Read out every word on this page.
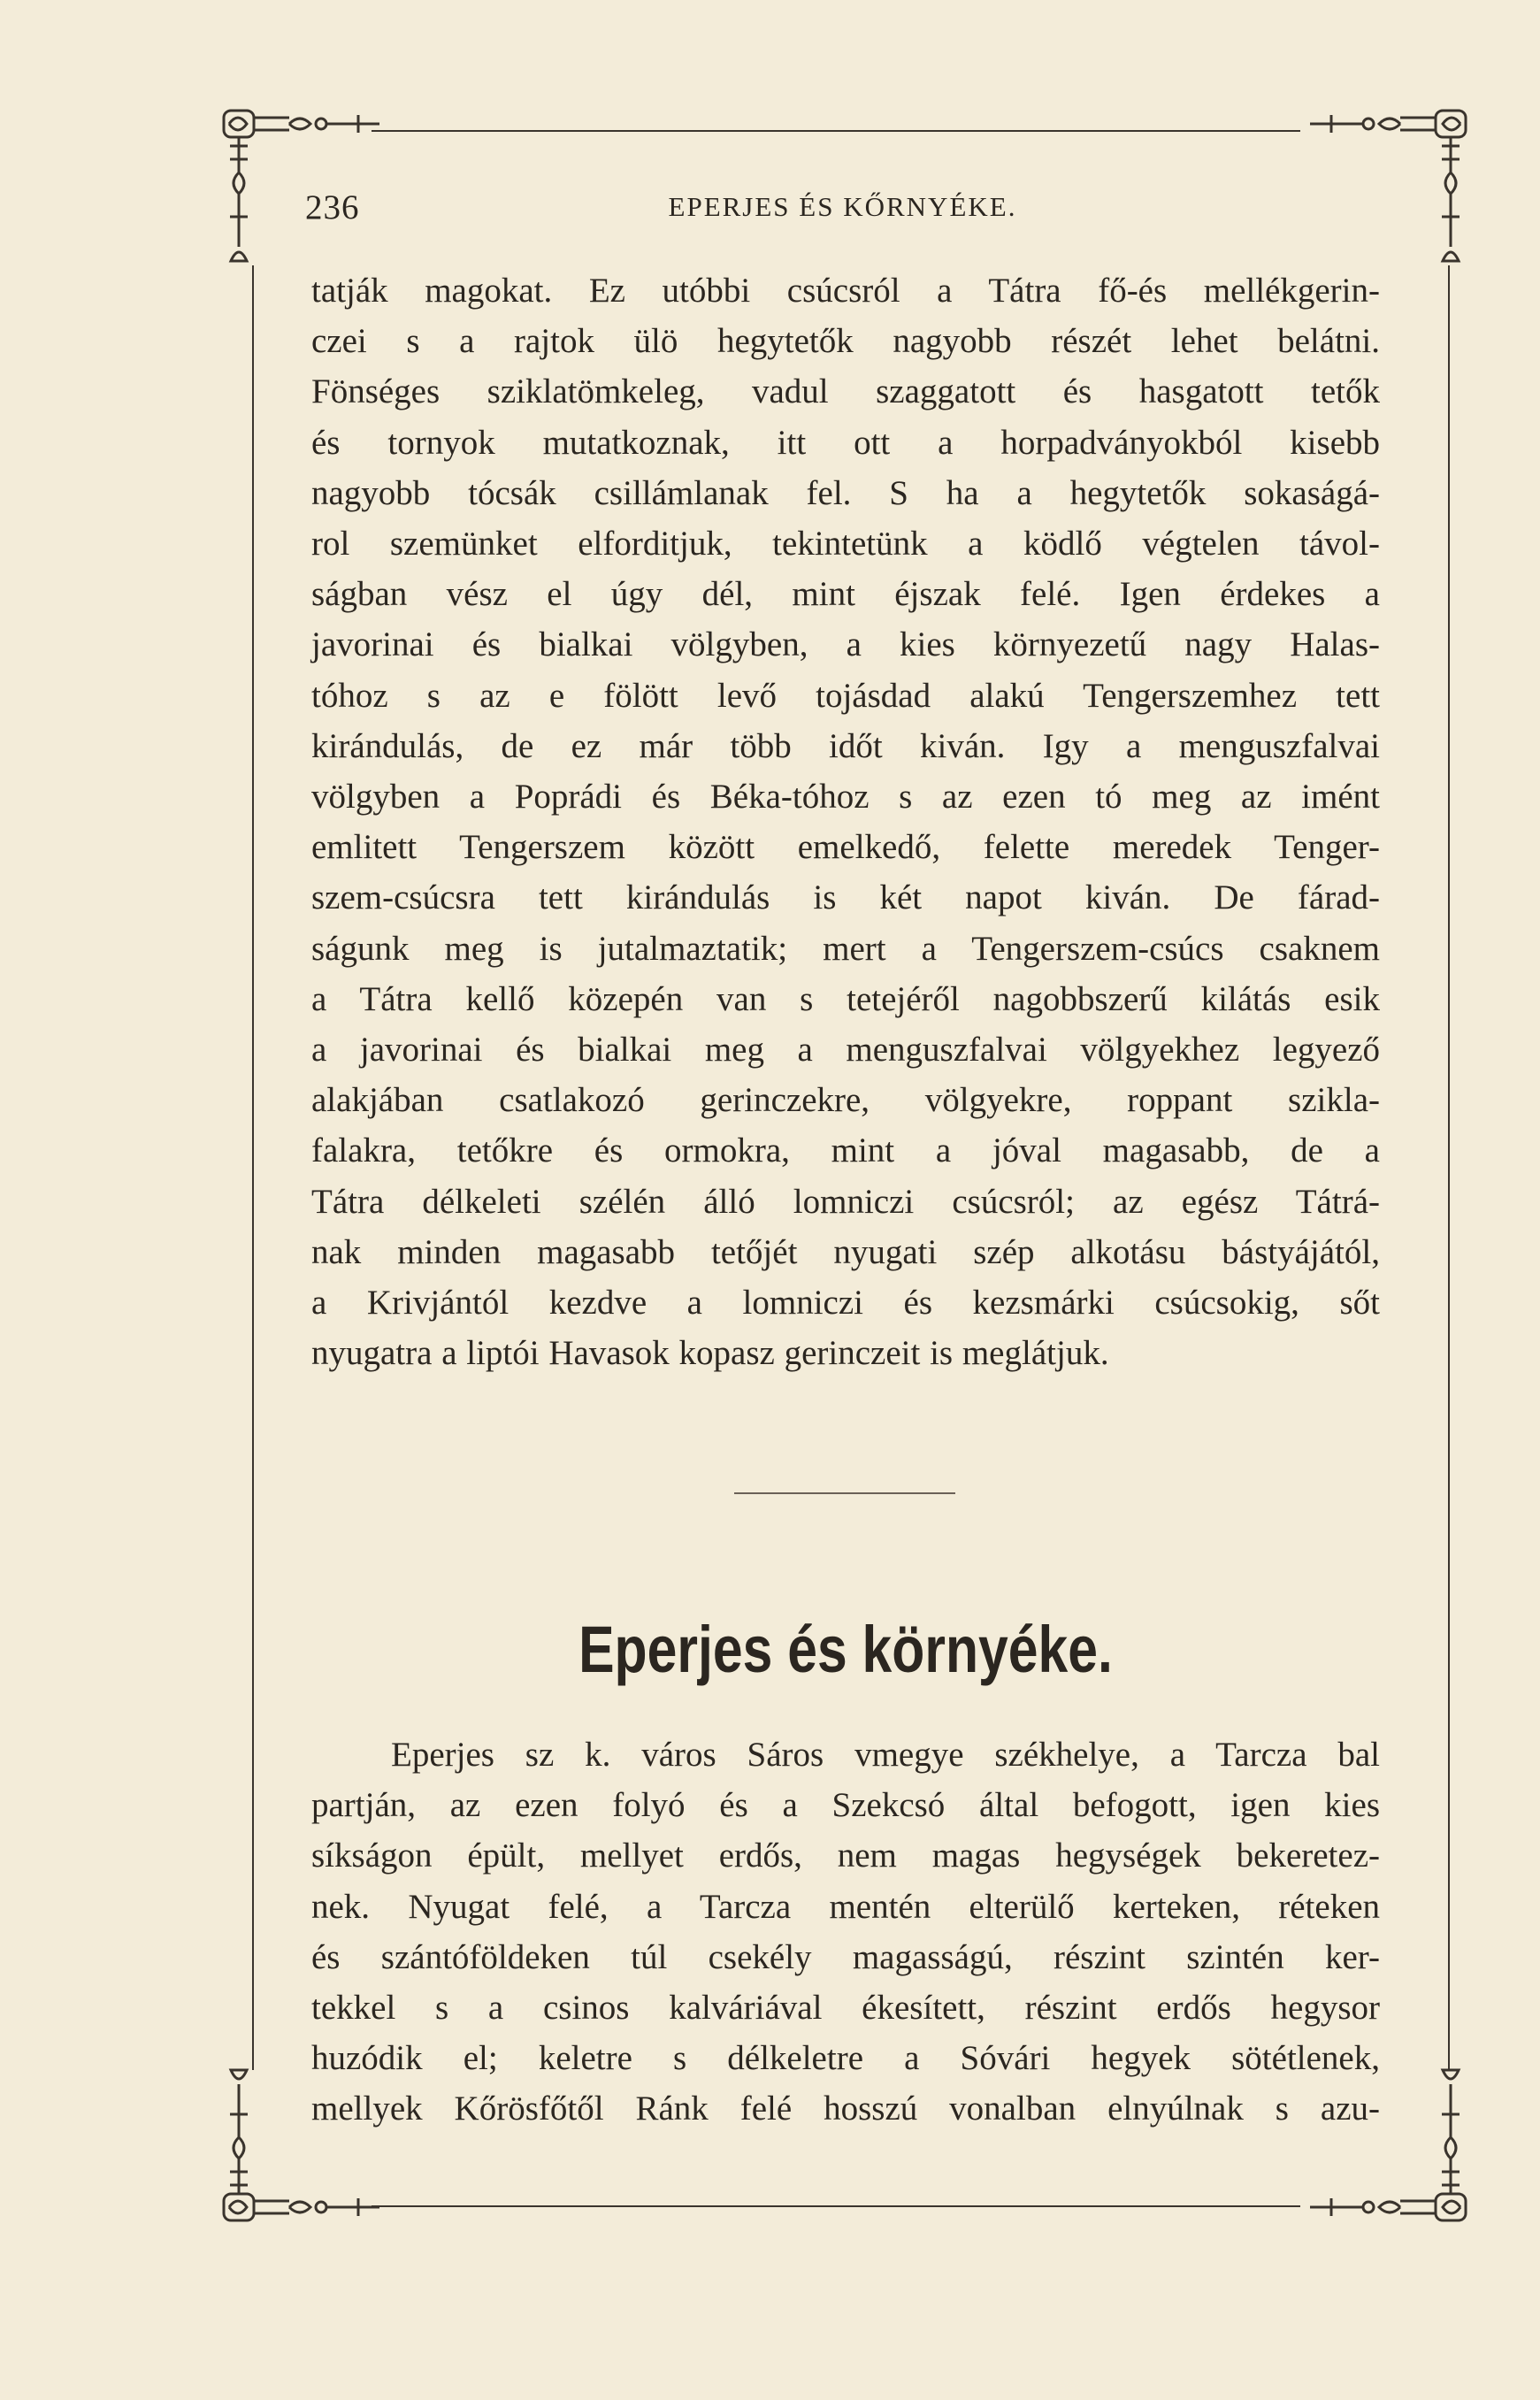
236	EPERJES ÉS KŐRNYÉKE.

tatják magokat. Ez utóbbi csúcsról a Tátra fő-és mellékgerin-
czei s a rajtok ülö hegytetők nagyobb részét lehet belátni.
Fönséges sziklatömkeleg, vadul szaggatott és hasgatott tetők
és tornyok mutatkoznak, itt ott a horpadványokból kisebb
nagyobb tócsák csillámlanak fel. S ha a hegytetők sokaságá-
rol szemünket elforditjuk, tekintetünk a ködlő végtelen távol-
ságban vész el úgy dél, mint éjszak felé. Igen érdekes a
javorinai és bialkai völgyben, a kies környezetű nagy Halas-
tóhoz s az e fölött levő tojásdad alakú Tengerszemhez tett
kirándulás, de ez már több időt kiván. Igy a menguszfalvai
völgyben a Poprádi és Béka-tóhoz s az ezen tó meg az imént
emlitett Tengerszem között emelkedő, felette meredek Tenger-
szem-csúcsra tett kirándulás is két napot kiván. De fárad-
ságunk meg is jutalmaztatik; mert a Tengerszem-csúcs csaknem
a Tátra kellő közepén van s tetejéről nagobbszerű kilátás esik
a javorinai és bialkai meg a menguszfalvai völgyekhez legyező
alakjában csatlakozó gerinczekre, völgyekre, roppant szikla-
falakra, tetőkre és ormokra, mint a jóval magasabb, de a
Tátra délkeleti szélén álló lomniczi csúcsról; az egész Tátrá-
nak minden magasabb tetőjét nyugati szép alkotásu bástyájától,
a Krivjántól kezdve a lomniczi és kezsmárki csúcsokig, sőt
nyugatra a liptói Havasok kopasz gerinczeit is meglátjuk.

Eperjes és környéke.

Eperjes sz k. város Sáros vmegye székhelye, a Tarcza bal
partján, az ezen folyó és a Szekcsó által befogott, igen kies
síkságon épült, mellyet erdős, nem magas hegységek bekeretez-
nek. Nyugat felé, a Tarcza mentén elterülő kerteken, réteken
és szántóföldeken túl csekély magasságú, részint szintén ker-
tekkel s a csinos kalváriával ékesített, részint erdős hegysor
huzódik el; keletre s délkeletre a Sóvári hegyek sötétlenek,
mellyek Kőrösfőtől Ránk felé hosszú vonalban elnyúlnak s azu-
